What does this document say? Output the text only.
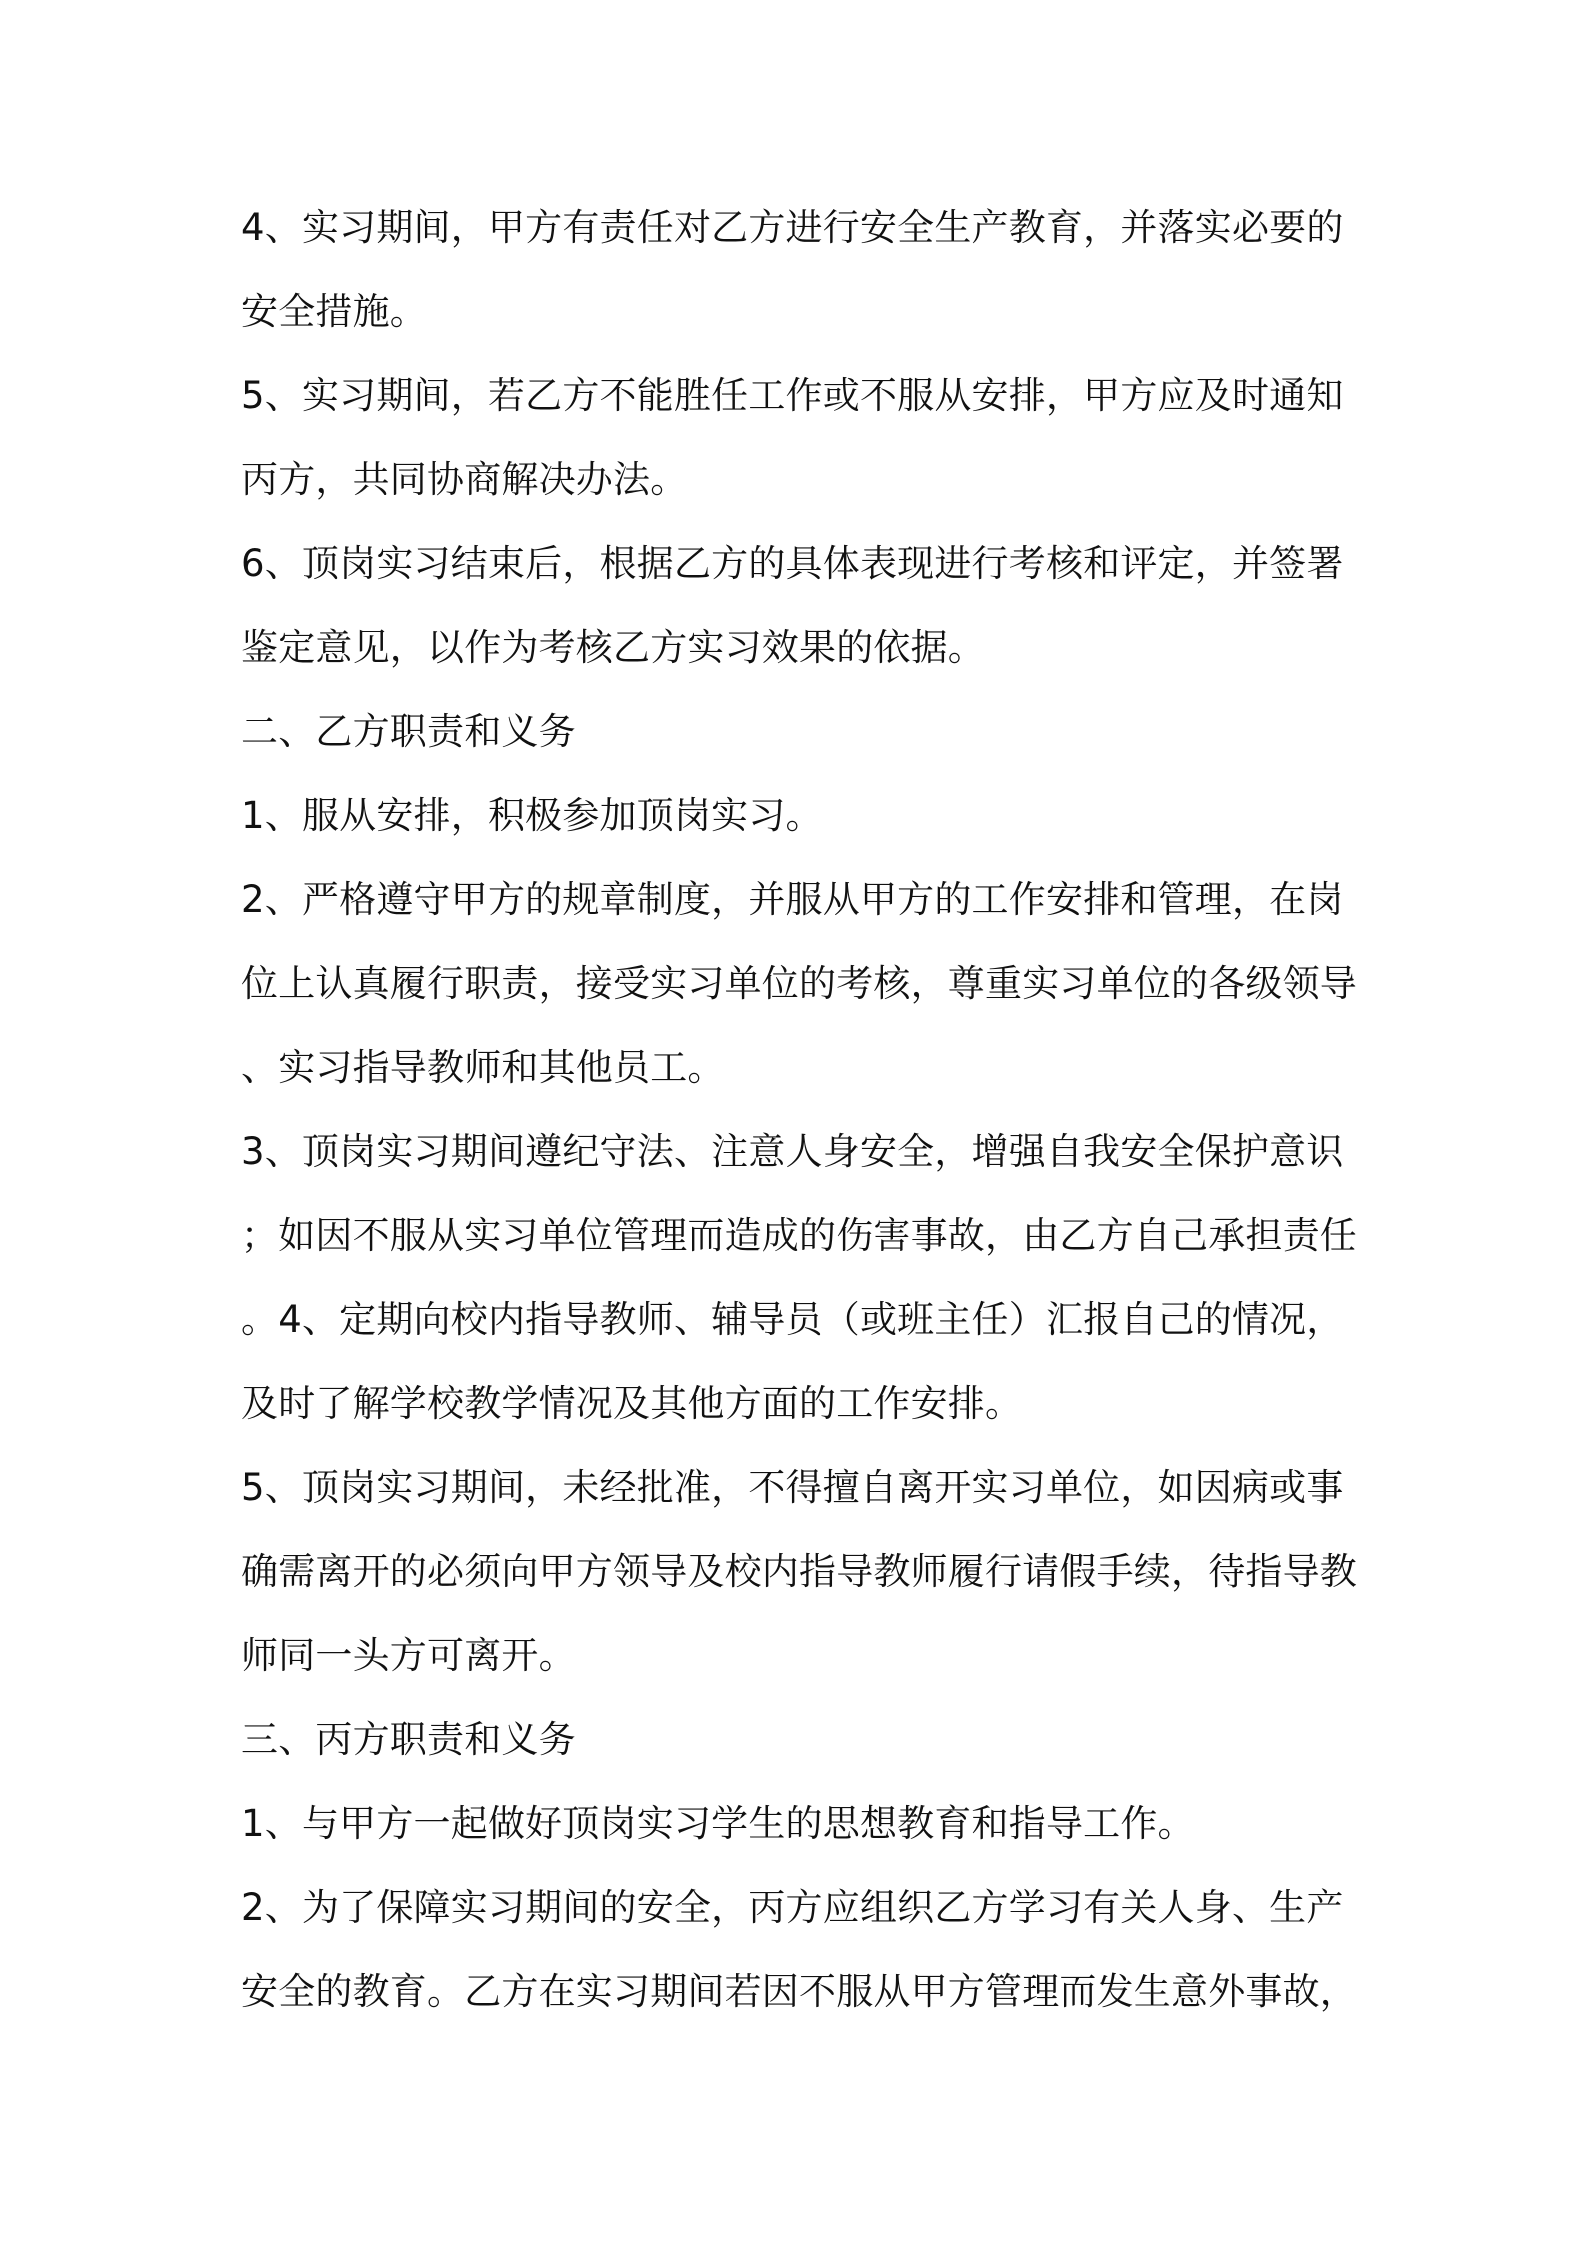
4、实习期间，甲方有责任对乙方进行安全生产教育，并落实必要的
安全措施。
5、实习期间，若乙方不能胜任工作或不服从安排，甲方应及时通知
丙方，共同协商解决办法。
6、顶岗实习结束后，根据乙方的具体表现进行考核和评定，并签署
鉴定意见，以作为考核乙方实习效果的依据。
二、乙方职责和义务
1、服从安排，积极参加顶岗实习。
2、严格遵守甲方的规章制度，并服从甲方的工作安排和管理，在岗
位上认真履行职责，接受实习单位的考核，尊重实习单位的各级领导
、实习指导教师和其他员工。
3、顶岗实习期间遵纪守法、注意人身安全，增强自我安全保护意识
；如因不服从实习单位管理而造成的伤害事故，由乙方自己承担责任
。4、定期向校内指导教师、辅导员（或班主任）汇报自己的情况，
及时了解学校教学情况及其他方面的工作安排。
5、顶岗实习期间，未经批准，不得擅自离开实习单位，如因病或事
确需离开的必须向甲方领导及校内指导教师履行请假手续，待指导教
师同一头方可离开。
三、丙方职责和义务
1、与甲方一起做好顶岗实习学生的思想教育和指导工作。
2、为了保障实习期间的安全，丙方应组织乙方学习有关人身、生产
安全的教育。乙方在实习期间若因不服从甲方管理而发生意外事故，
